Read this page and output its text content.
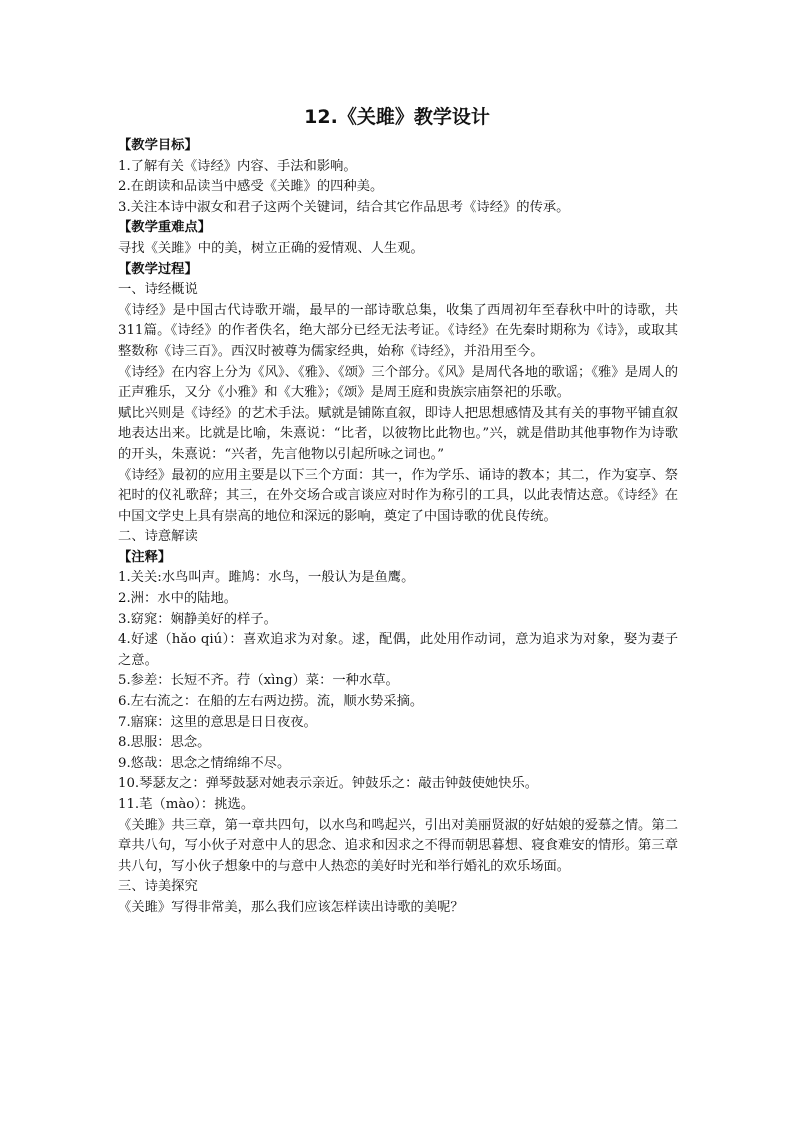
12.《关雎》教学设计

【教学目标】

1.了解有关《诗经》内容、手法和影响。

2.在朗读和品读当中感受《关雎》的四种美。

3.关注本诗中淑女和君子这两个关键词，结合其它作品思考《诗经》的传承。

【教学重难点】

寻找《关雎》中的美，树立正确的爱情观、人生观。

【教学过程】

一、诗经概说

《诗经》是中国古代诗歌开端，最早的一部诗歌总集，收集了西周初年至春秋中叶的诗歌，共311篇。《诗经》的作者佚名，绝大部分已经无法考证。《诗经》在先秦时期称为《诗》，或取其整数称《诗三百》。西汉时被尊为儒家经典，始称《诗经》，并沿用至今。

《诗经》在内容上分为《风》、《雅》、《颂》三个部分。《风》是周代各地的歌谣；《雅》是周人的正声雅乐，又分《小雅》和《大雅》；《颂》是周王庭和贵族宗庙祭祀的乐歌。

赋比兴则是《诗经》的艺术手法。赋就是铺陈直叙，即诗人把思想感情及其有关的事物平铺直叙地表达出来。比就是比喻，朱熹说：“比者，以彼物比此物也。”兴，就是借助其他事物作为诗歌的开头，朱熹说：“兴者，先言他物以引起所咏之词也。”

《诗经》最初的应用主要是以下三个方面：其一，作为学乐、诵诗的教本；其二，作为宴享、祭祀时的仪礼歌辞；其三，在外交场合或言谈应对时作为称引的工具，以此表情达意。《诗经》在中国文学史上具有崇高的地位和深远的影响，奠定了中国诗歌的优良传统。

二、诗意解读

【注释】

1.关关:水鸟叫声。雎鸠：水鸟，一般认为是鱼鹰。

2.洲：水中的陆地。

3.窈窕：娴静美好的样子。

4.好逑（hǎo qiú）：喜欢追求为对象。逑，配偶，此处用作动词，意为追求为对象，娶为妻子之意。

5.参差：长短不齐。荇（xìng）菜：一种水草。

6.左右流之：在船的左右两边捞。流，顺水势采摘。

7.寤寐：这里的意思是日日夜夜。

8.思服：思念。

9.悠哉：思念之情绵绵不尽。

10.琴瑟友之：弹琴鼓瑟对她表示亲近。钟鼓乐之：敲击钟鼓使她快乐。

11.芼（mào）：挑选。

《关雎》共三章，第一章共四句，以水鸟和鸣起兴，引出对美丽贤淑的好姑娘的爱慕之情。第二章共八句，写小伙子对意中人的思念、追求和因求之不得而朝思暮想、寝食难安的情形。第三章共八句，写小伙子想象中的与意中人热恋的美好时光和举行婚礼的欢乐场面。

三、诗美探究

《关雎》写得非常美，那么我们应该怎样读出诗歌的美呢？
